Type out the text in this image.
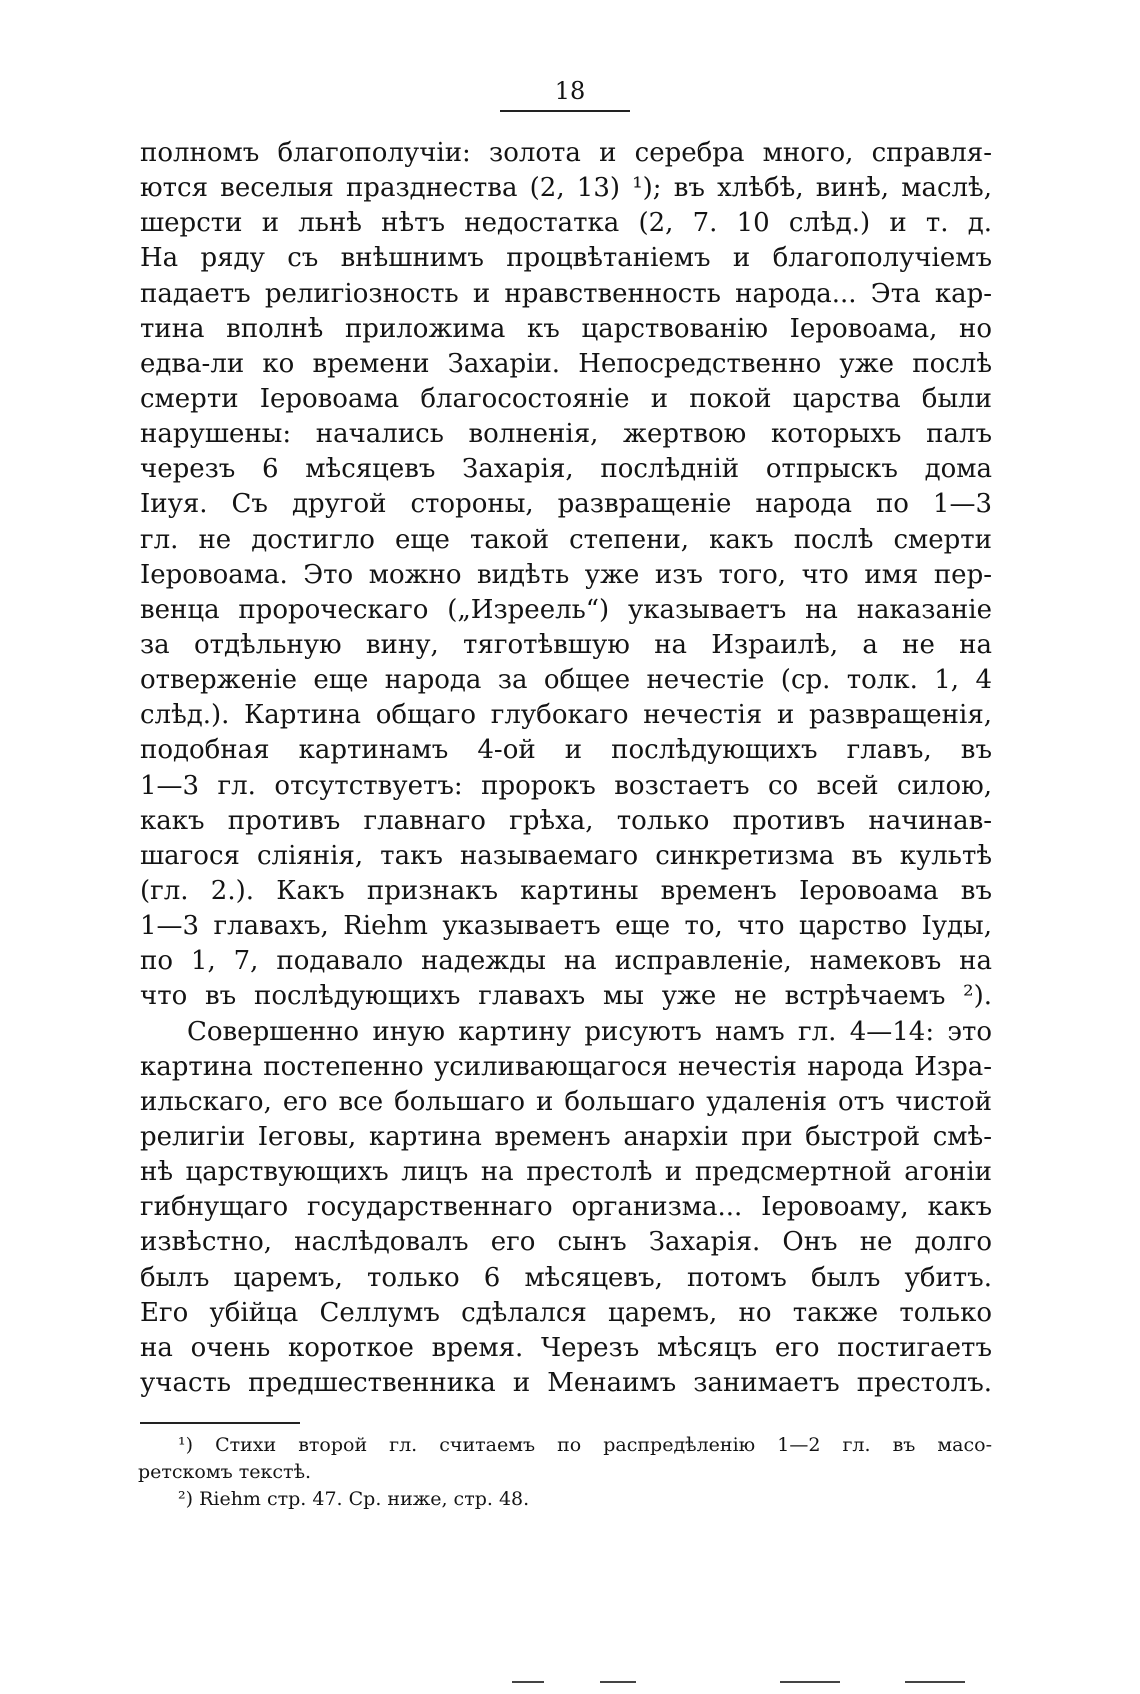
18
полномъ благополучіи: золота и серебра много, справля-
ются веселыя празднества (2, 13) ¹); въ хлѣбѣ, винѣ, маслѣ,
шерсти и льнѣ нѣтъ недостатка (2, 7. 10 слѣд.) и т. д.
На ряду съ внѣшнимъ процвѣтаніемъ и благополучіемъ
падаетъ религіозность и нравственность народа... Эта кар-
тина вполнѣ приложима къ царствованію Іеровоама, но
едва-ли ко времени Захаріи. Непосредственно уже послѣ
смерти Іеровоама благосостояніе и покой царства были
нарушены: начались волненія, жертвою которыхъ палъ
черезъ 6 мѣсяцевъ Захарія, послѣдній отпрыскъ дома
Іиуя. Съ другой стороны, развращеніе народа по 1—3
гл. не достигло еще такой степени, какъ послѣ смерти
Іеровоама. Это можно видѣть уже изъ того, что имя пер-
венца пророческаго („Изреель“) указываетъ на наказаніе
за отдѣльную вину, тяготѣвшую на Израилѣ, а не на
отверженіе еще народа за общее нечестіе (ср. толк. 1, 4
слѣд.). Картина общаго глубокаго нечестія и развращенія,
подобная картинамъ 4-ой и послѣдующихъ главъ, въ
1—3 гл. отсутствуетъ: пророкъ возстаетъ со всей силою,
какъ противъ главнаго грѣха, только противъ начинав-
шагося сліянія, такъ называемаго синкретизма въ культѣ
(гл. 2.). Какъ признакъ картины временъ Іеровоама въ
1—3 главахъ, Riehm указываетъ еще то, что царство Іуды,
по 1, 7, подавало надежды на исправленіе, намековъ на
что въ послѣдующихъ главахъ мы уже не встрѣчаемъ ²).
Совершенно иную картину рисуютъ намъ гл. 4—14: это
картина постепенно усиливающагося нечестія народа Изра-
ильскаго, его все большаго и большаго удаленія отъ чистой
религіи Іеговы, картина временъ анархіи при быстрой смѣ-
нѣ царствующихъ лицъ на престолѣ и предсмертной агоніи
гибнущаго государственнаго организма... Іеровоаму, какъ
извѣстно, наслѣдовалъ его сынъ Захарія. Онъ не долго
былъ царемъ, только 6 мѣсяцевъ, потомъ былъ убитъ.
Его убійца Селлумъ сдѣлался царемъ, но также только
на очень короткое время. Черезъ мѣсяцъ его постигаетъ
участь предшественника и Менаимъ занимаетъ престолъ.
¹) Стихи второй гл. считаемъ по распредѣленію 1—2 гл. въ масо-
ретскомъ текстѣ.
²) Riehm стр. 47. Ср. ниже, стр. 48.
